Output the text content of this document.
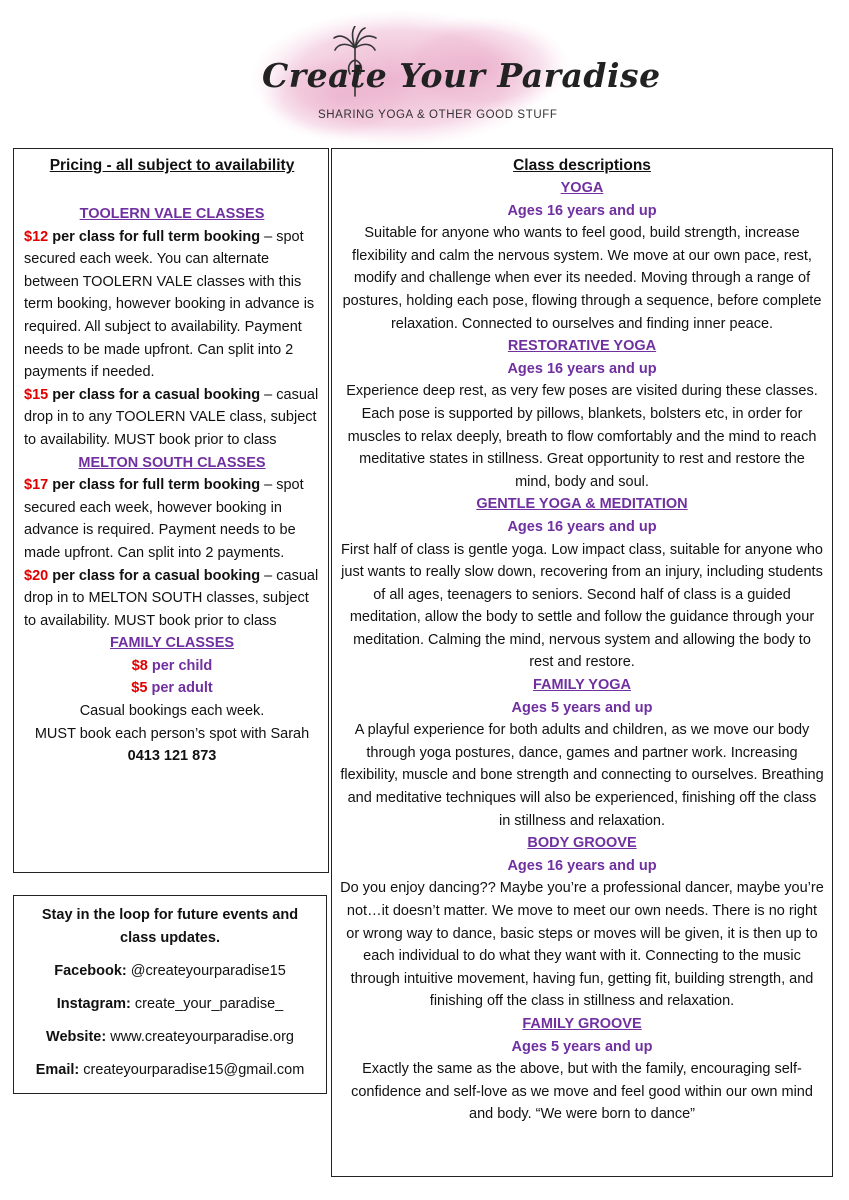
Create Your Paradise
SHARING YOGA & OTHER GOOD STUFF
Pricing - all subject to availability
TOOLERN VALE CLASSES
$12 per class for full term booking – spot secured each week. You can alternate between TOOLERN VALE classes with this term booking, however booking in advance is required. All subject to availability. Payment needs to be made upfront. Can split into 2 payments if needed.
$15 per class for a casual booking – casual drop in to any TOOLERN VALE class, subject to availability. MUST book prior to class
MELTON SOUTH CLASSES
$17 per class for full term booking – spot secured each week, however booking in advance is required. Payment needs to be made upfront. Can split into 2 payments.
$20 per class for a casual booking – casual drop in to MELTON SOUTH classes, subject to availability. MUST book prior to class
FAMILY CLASSES
$8 per child
$5 per adult
Casual bookings each week.
MUST book each person’s spot with Sarah
0413 121 873
Stay in the loop for future events and class updates.
Facebook: @createyourparadise15
Instagram: create_your_paradise_
Website: www.createyourparadise.org
Email: createyourparadise15@gmail.com
Class descriptions
YOGA
Ages 16 years and up
Suitable for anyone who wants to feel good, build strength, increase flexibility and calm the nervous system. We move at our own pace, rest, modify and challenge when ever its needed. Moving through a range of postures, holding each pose, flowing through a sequence, before complete relaxation. Connected to ourselves and finding inner peace.
RESTORATIVE YOGA
Ages 16 years and up
Experience deep rest, as very few poses are visited during these classes. Each pose is supported by pillows, blankets, bolsters etc, in order for muscles to relax deeply, breath to flow comfortably and the mind to reach meditative states in stillness. Great opportunity to rest and restore the mind, body and soul.
GENTLE YOGA & MEDITATION
Ages 16 years and up
First half of class is gentle yoga. Low impact class, suitable for anyone who just wants to really slow down, recovering from an injury, including students of all ages, teenagers to seniors. Second half of class is a guided meditation, allow the body to settle and follow the guidance through your meditation. Calming the mind, nervous system and allowing the body to rest and restore.
FAMILY YOGA
Ages 5 years and up
A playful experience for both adults and children, as we move our body through yoga postures, dance, games and partner work. Increasing flexibility, muscle and bone strength and connecting to ourselves. Breathing and meditative techniques will also be experienced, finishing off the class in stillness and relaxation.
BODY GROOVE
Ages 16 years and up
Do you enjoy dancing?? Maybe you’re a professional dancer, maybe you’re not…it doesn’t matter. We move to meet our own needs. There is no right or wrong way to dance, basic steps or moves will be given, it is then up to each individual to do what they want with it. Connecting to the music through intuitive movement, having fun, getting fit, building strength, and finishing off the class in stillness and relaxation.
FAMILY GROOVE
Ages 5 years and up
Exactly the same as the above, but with the family, encouraging self-confidence and self-love as we move and feel good within our own mind and body. “We were born to dance”
